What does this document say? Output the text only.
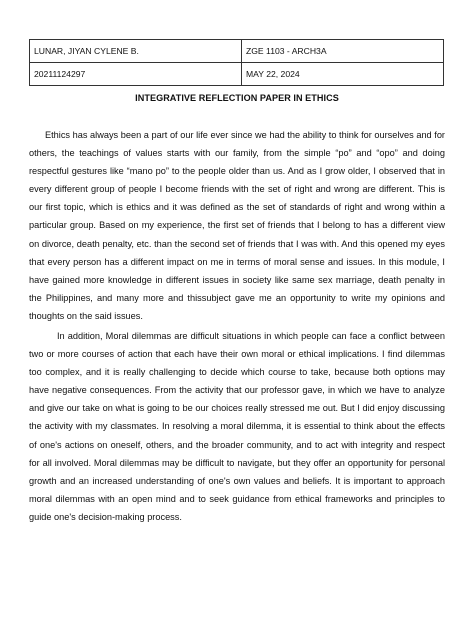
LUNAR, JIYAN CYLENE B.	ZGE 1103 - ARCH3A
20211124297	MAY 22, 2024
INTEGRATIVE REFLECTION PAPER IN ETHICS

Ethics has always been a part of our life ever since we had the ability to think for ourselves and for others, the teachings of values starts with our family, from the simple “po” and “opo” and doing respectful gestures like “mano po” to the people older than us. And as I grow older, I observed that in every different group of people I become friends with the set of right and wrong are different. This is our first topic, which is ethics and it was defined as the set of standards of right and wrong within a particular group. Based on my experience, the first set of friends that I belong to has a different view on divorce, death penalty, etc. than the second set of friends that I was with. And this opened my eyes that every person has a different impact on me in terms of moral sense and issues. In this module, I have gained more knowledge in different issues in society like same sex marriage, death penalty in the Philippines, and many more and thissubject gave me an opportunity to write my opinions and thoughts on the said issues.

In addition, Moral dilemmas are difficult situations in which people can face a conflict between two or more courses of action that each have their own moral or ethical implications. I find dilemmas too complex, and it is really challenging to decide which course to take, because both options may have negative consequences. From the activity that our professor gave, in which we have to analyze and give our take on what is going to be our choices really stressed me out. But I did enjoy discussing the activity with my classmates. In resolving a moral dilemma, it is essential to think about the effects of one's actions on oneself, others, and the broader community, and to act with integrity and respect for all involved. Moral dilemmas may be difficult to navigate, but they offer an opportunity for personal growth and an increased understanding of one's own values and beliefs. It is important to approach moral dilemmas with an open mind and to seek guidance from ethical frameworks and principles to guide one's decision-making process.
